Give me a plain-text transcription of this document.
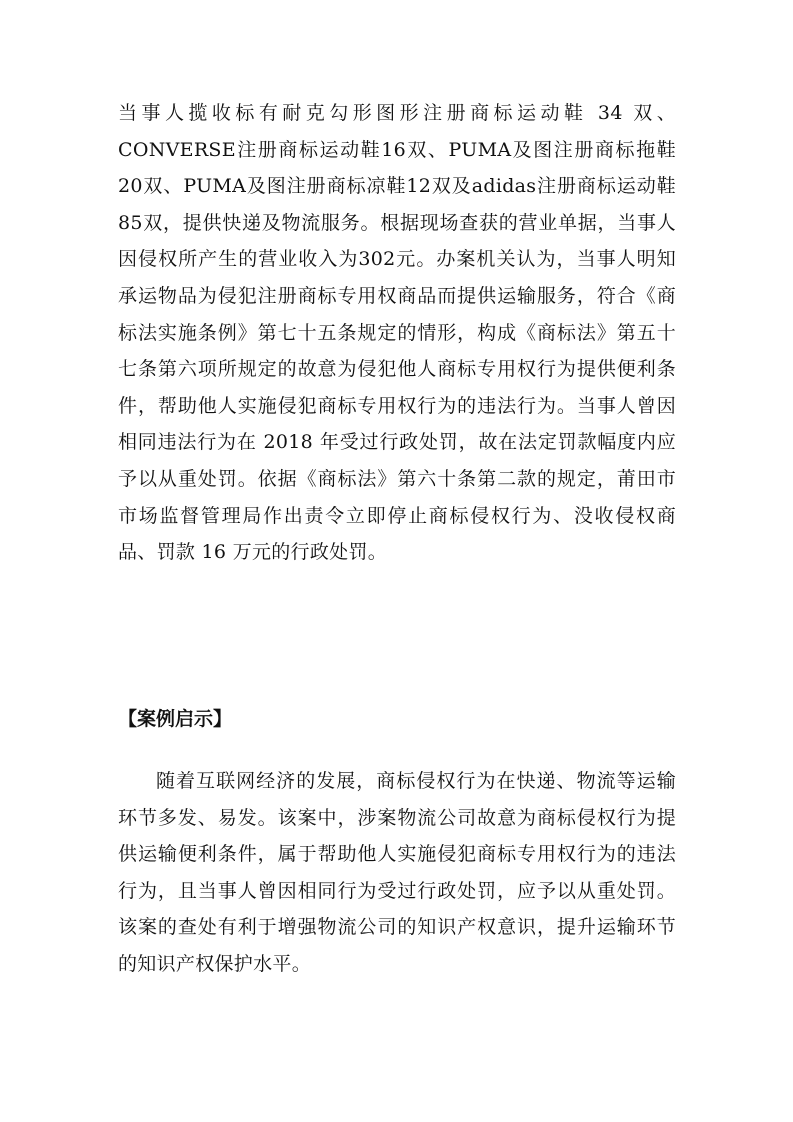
当事人揽收标有耐克勾形图形注册商标运动鞋 34 双、CONVERSE注册商标运动鞋16双、PUMA及图注册商标拖鞋20双、PUMA及图注册商标凉鞋12双及adidas注册商标运动鞋85双，提供快递及物流服务。根据现场查获的营业单据，当事人因侵权所产生的营业收入为302元。办案机关认为，当事人明知承运物品为侵犯注册商标专用权商品而提供运输服务，符合《商标法实施条例》第七十五条规定的情形，构成《商标法》第五十七条第六项所规定的故意为侵犯他人商标专用权行为提供便利条件，帮助他人实施侵犯商标专用权行为的违法行为。当事人曾因相同违法行为在 2018 年受过行政处罚，故在法定罚款幅度内应予以从重处罚。依据《商标法》第六十条第二款的规定，莆田市市场监督管理局作出责令立即停止商标侵权行为、没收侵权商品、罚款 16 万元的行政处罚。

【案例启示】

随着互联网经济的发展，商标侵权行为在快递、物流等运输环节多发、易发。该案中，涉案物流公司故意为商标侵权行为提供运输便利条件，属于帮助他人实施侵犯商标专用权行为的违法行为，且当事人曾因相同行为受过行政处罚，应予以从重处罚。该案的查处有利于增强物流公司的知识产权意识，提升运输环节的知识产权保护水平。
